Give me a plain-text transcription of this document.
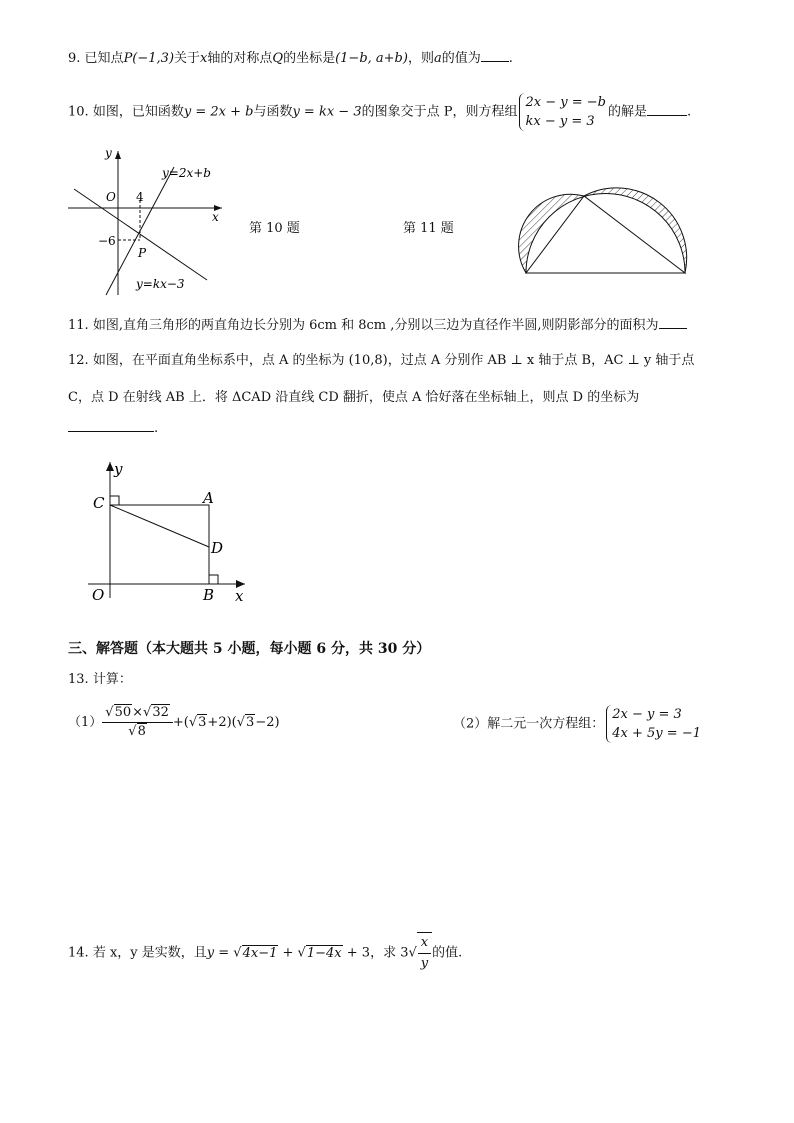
9. 已知点P(−1,3)关于x轴的对称点Q的坐标是(1−b, a+b)，则a的值为 .
10. 如图，已知函数y = 2x + b与函数y = kx − 3的图象交于点 P，则方程组
2x − y = −b
kx − y = 3
的解是	.
y
x
O 4
−6
P
y=2x+b
y=kx−3
第 10 题	第 11 题
11. 如图,直角三角形的两直角边长分别为 6cm 和 8cm ,分别以三边为直径作半圆,则阴影部分的面积为
12. 如图，在平面直角坐标系中，点 A 的坐标为 (10,8)，过点 A 分别作 AB ⊥ x 轴于点 B，AC ⊥ y 轴于点
C，点 D 在射线 AB 上．将 ΔCAD 沿直线 CD 翻折，使点 A 恰好落在坐标轴上，则点 D 的坐标为
.
y
x
O
A
B
C
D
三、解答题（本大题共 5 小题，每小题 6 分，共 30 分）
13. 计算：
$(1) \frac{√50\times√32}{√8} +(√3+2)(√3-2)$	（2）解二元一次方程组：
2x − y = 3
4x + 5y = −1
14. 若 x，y 是实数，且y = √4x−1 + √1−4x + 3，求 $3√ \frac{x}{y}$ 的值.
